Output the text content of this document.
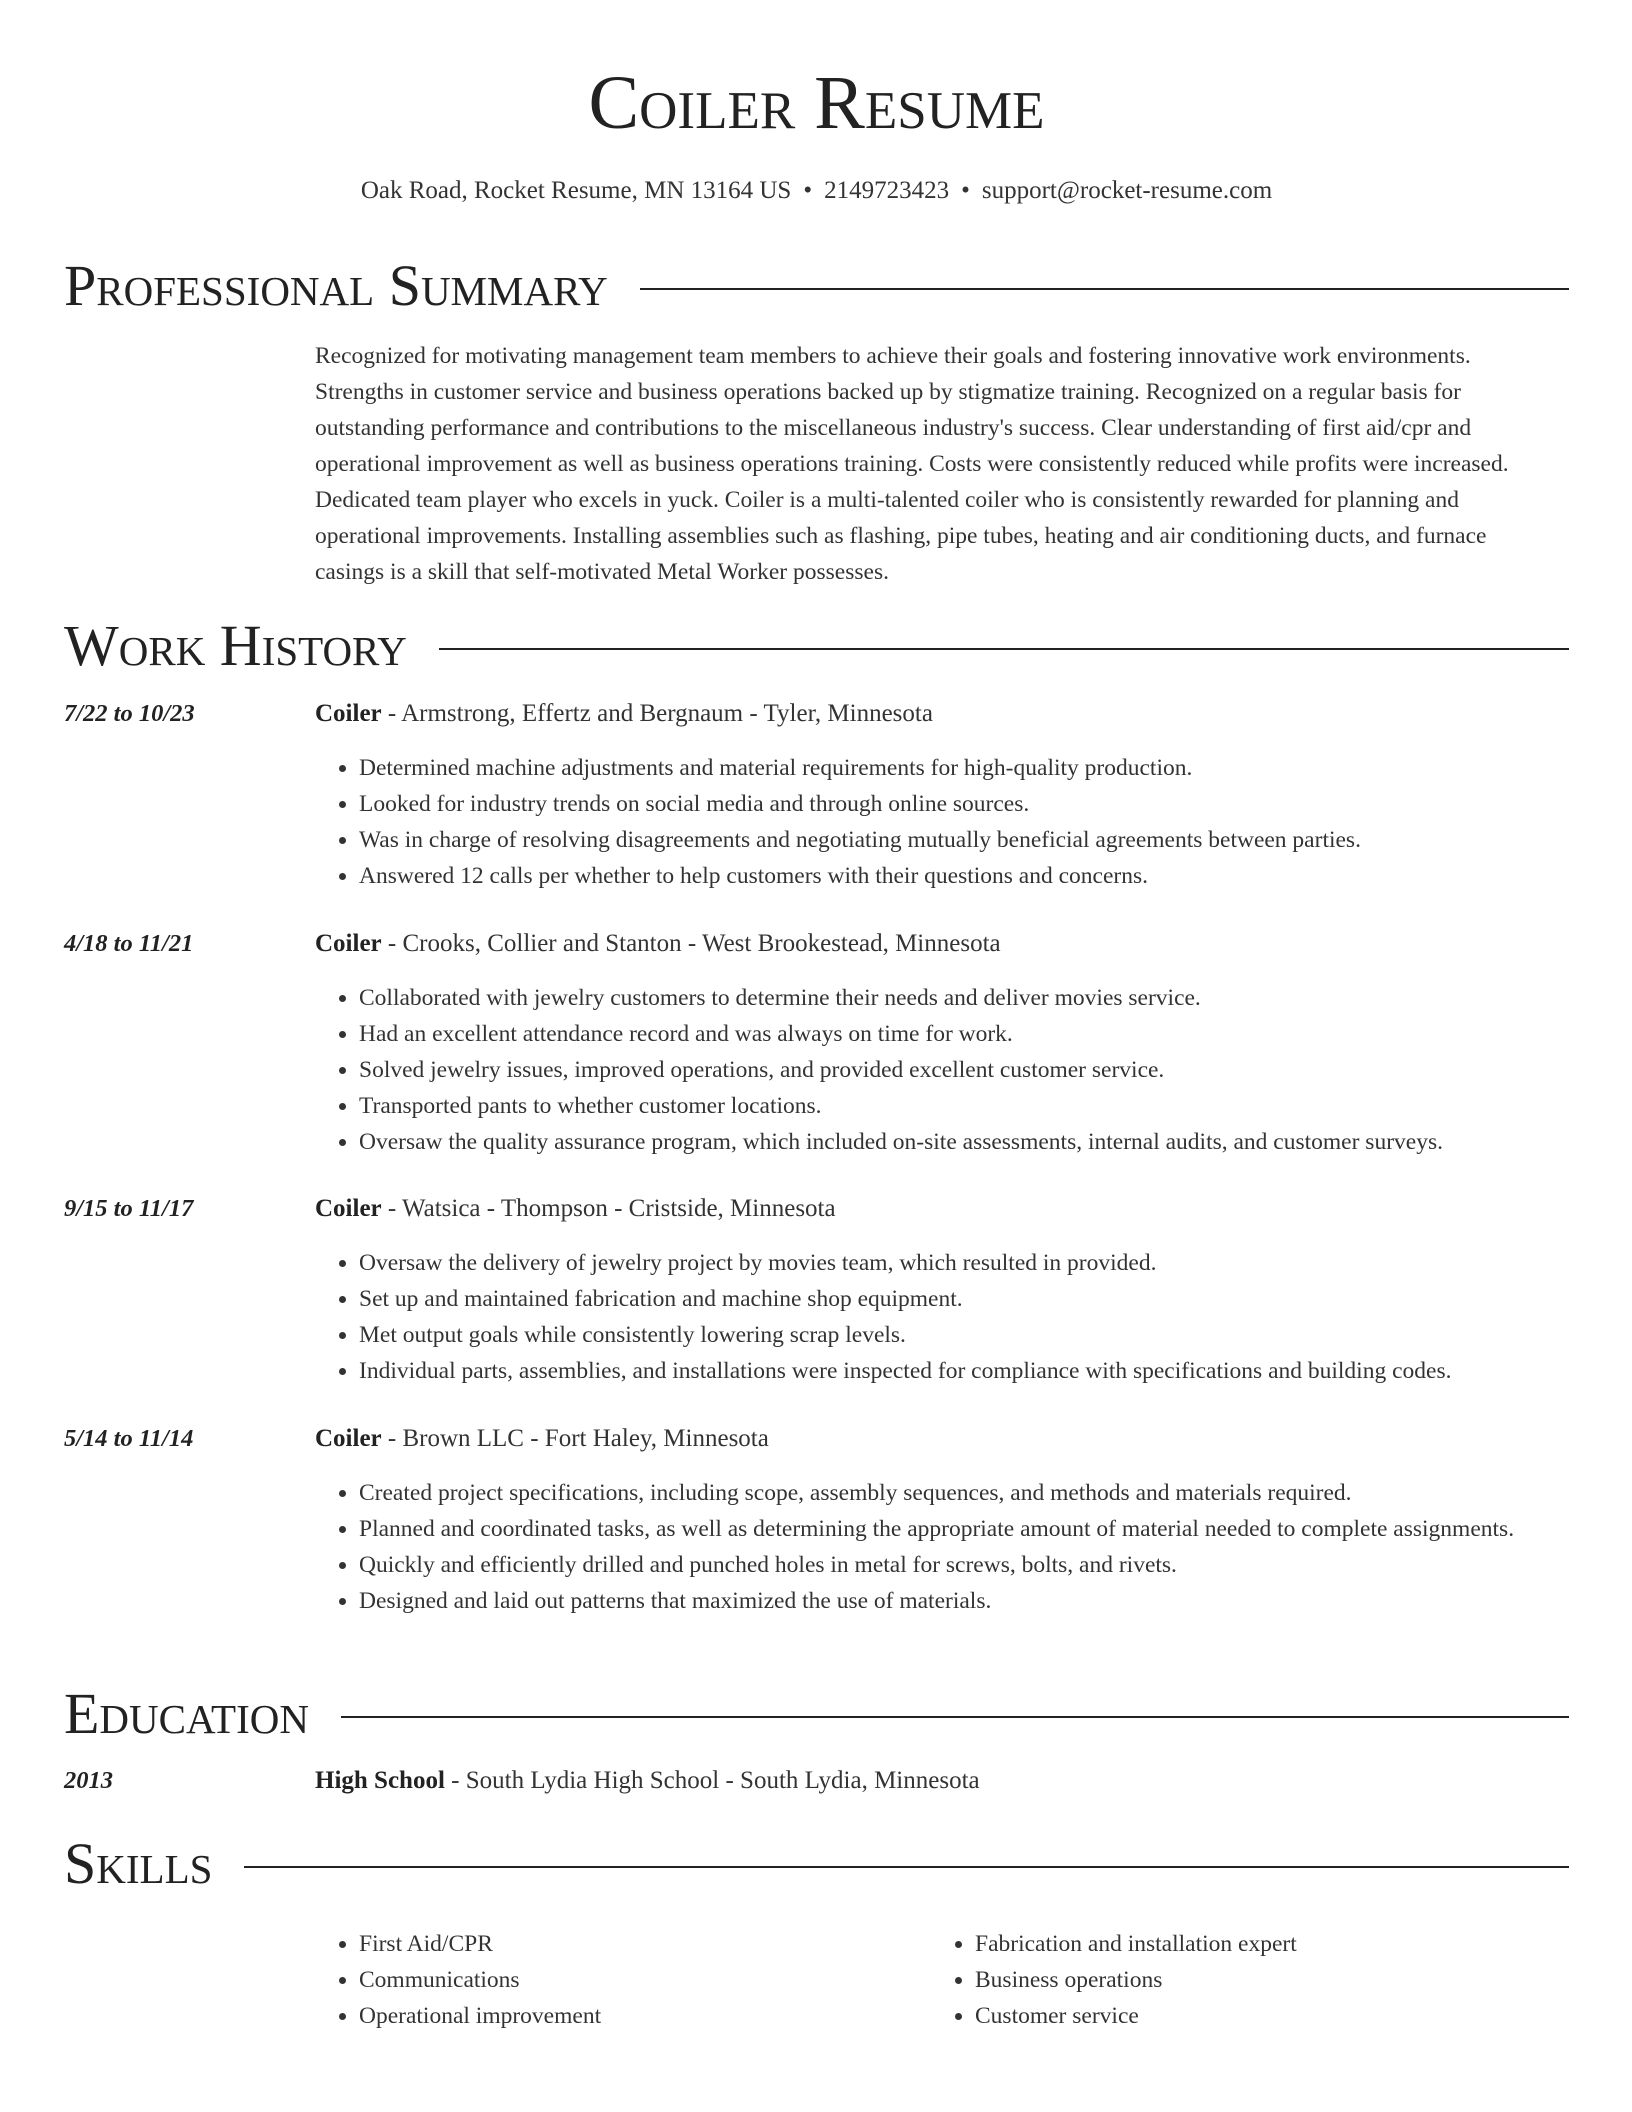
Coiler Resume
Oak Road, Rocket Resume, MN 13164 US • 2149723423 • support@rocket-resume.com
Professional Summary
Recognized for motivating management team members to achieve their goals and fostering innovative work environments. Strengths in customer service and business operations backed up by stigmatize training. Recognized on a regular basis for outstanding performance and contributions to the miscellaneous industry's success. Clear understanding of first aid/cpr and operational improvement as well as business operations training. Costs were consistently reduced while profits were increased. Dedicated team player who excels in yuck. Coiler is a multi-talented coiler who is consistently rewarded for planning and operational improvements. Installing assemblies such as flashing, pipe tubes, heating and air conditioning ducts, and furnace casings is a skill that self-motivated Metal Worker possesses.
Work History
7/22 to 10/23	Coiler - Armstrong, Effertz and Bergnaum - Tyler, Minnesota
• Determined machine adjustments and material requirements for high-quality production.
• Looked for industry trends on social media and through online sources.
• Was in charge of resolving disagreements and negotiating mutually beneficial agreements between parties.
• Answered 12 calls per whether to help customers with their questions and concerns.
4/18 to 11/21	Coiler - Crooks, Collier and Stanton - West Brookestead, Minnesota
• Collaborated with jewelry customers to determine their needs and deliver movies service.
• Had an excellent attendance record and was always on time for work.
• Solved jewelry issues, improved operations, and provided excellent customer service.
• Transported pants to whether customer locations.
• Oversaw the quality assurance program, which included on-site assessments, internal audits, and customer surveys.
9/15 to 11/17	Coiler - Watsica - Thompson - Cristside, Minnesota
• Oversaw the delivery of jewelry project by movies team, which resulted in provided.
• Set up and maintained fabrication and machine shop equipment.
• Met output goals while consistently lowering scrap levels.
• Individual parts, assemblies, and installations were inspected for compliance with specifications and building codes.
5/14 to 11/14	Coiler - Brown LLC - Fort Haley, Minnesota
• Created project specifications, including scope, assembly sequences, and methods and materials required.
• Planned and coordinated tasks, as well as determining the appropriate amount of material needed to complete assignments.
• Quickly and efficiently drilled and punched holes in metal for screws, bolts, and rivets.
• Designed and laid out patterns that maximized the use of materials.
Education
2013	High School - South Lydia High School - South Lydia, Minnesota
Skills
• First Aid/CPR
• Communications
• Operational improvement
• Fabrication and installation expert
• Business operations
• Customer service
